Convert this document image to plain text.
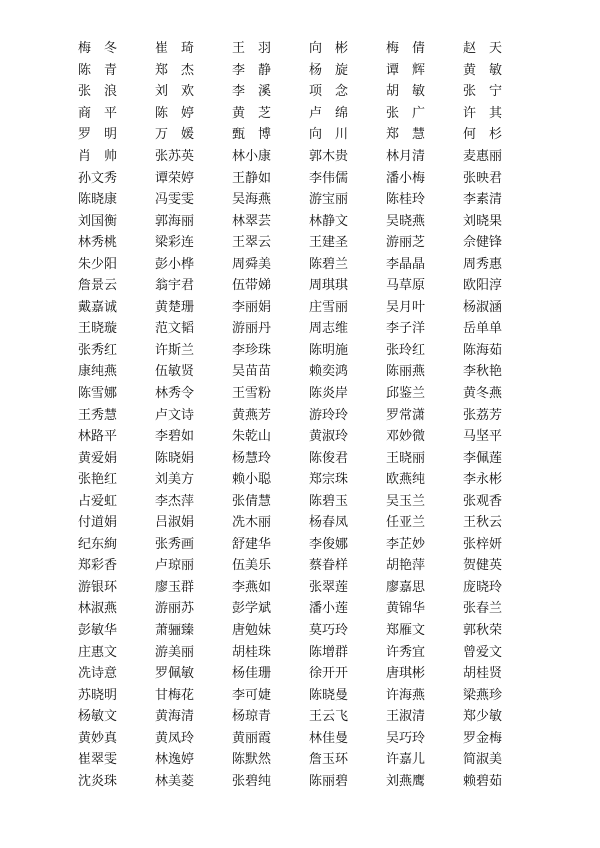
梅　冬	崔　琦	王　羽	向　彬	梅　倩	赵　天
陈　青	郑　杰	李　静	杨　旋	谭　辉	黄　敏
张　浪	刘　欢	李　溪	项　念	胡　敏	张　宁
商　平	陈　婷	黄　芝	卢　绵	张　广	许　其
罗　明	万　媛	甄　博	向　川	郑　慧	何　杉
肖　帅	张苏英	林小康	郭木贵	林月清	麦惠丽
孙文秀	谭荣婷	王静如	李伟儒	潘小梅	张映君
陈晓康	冯雯雯	吴海燕	游宝丽	陈桂玲	李素清
刘国衡	郭海丽	林翠芸	林静文	吴晓燕	刘晓果
林秀桃	梁彩连	王翠云	王建圣	游丽芝	佘健锋
朱少阳	彭小桦	周舜美	陈碧兰	李晶晶	周秀惠
詹景云	翁宇君	伍带娣	周琪琪	马草原	欧阳淳
戴嘉诚	黄楚珊	李丽娟	庄雪丽	吴月叶	杨淑涵
王晓璇	范文韬	游丽丹	周志维	李子洋	岳单单
张秀红	许斯兰	李珍珠	陈明施	张玲红	陈海茹
康纯燕	伍敏贤	吴苗苗	赖奕鸿	陈丽燕	李秋艳
陈雪娜	林秀令	王雪粉	陈炎岸	邱鉴兰	黄冬燕
王秀慧	卢文诗	黄燕芳	游玲玲	罗常潇	张荔芳
林路平	李碧如	朱乾山	黄淑玲	邓妙微	马坚平
黄爱娟	陈晓娟	杨慧玲	陈俊君	王晓丽	李佩莲
张艳红	刘美方	赖小聪	郑宗珠	欧燕纯	李永彬
占爱虹	李杰萍	张倩慧	陈碧玉	吴玉兰	张观香
付道娟	吕淑娟	冼木丽	杨春凤	任亚兰	王秋云
纪东絢	张秀画	舒建华	李俊娜	李芷妙	张梓妍
郑彩香	卢琼丽	伍美乐	蔡眷样	胡艳萍	贺健英
游银环	廖玉群	李燕如	张翠莲	廖嘉思	庞晓玲
林淑燕	游丽苏	彭学斌	潘小莲	黄锦华	张春兰
彭敏华	萧骊臻	唐勉妹	莫巧玲	郑雁文	郭秋荣
庄惠文	游美丽	胡桂珠	陈增群	许秀宜	曾爱文
冼诗意	罗佩敏	杨佳珊	徐开开	唐琪彬	胡桂贤
苏晓明	甘梅花	李可婕	陈晓曼	许海燕	梁燕珍
杨敏文	黄海清	杨琼青	王云飞	王淑清	郑少敏
黄妙真	黄凤玲	黄丽霞	林佳曼	吴巧玲	罗金梅
崔翠雯	林逸婷	陈默然	詹玉环	许嘉儿	简淑美
沈炎珠	林美菱	张碧纯	陈丽碧	刘燕鹰	赖碧茹
